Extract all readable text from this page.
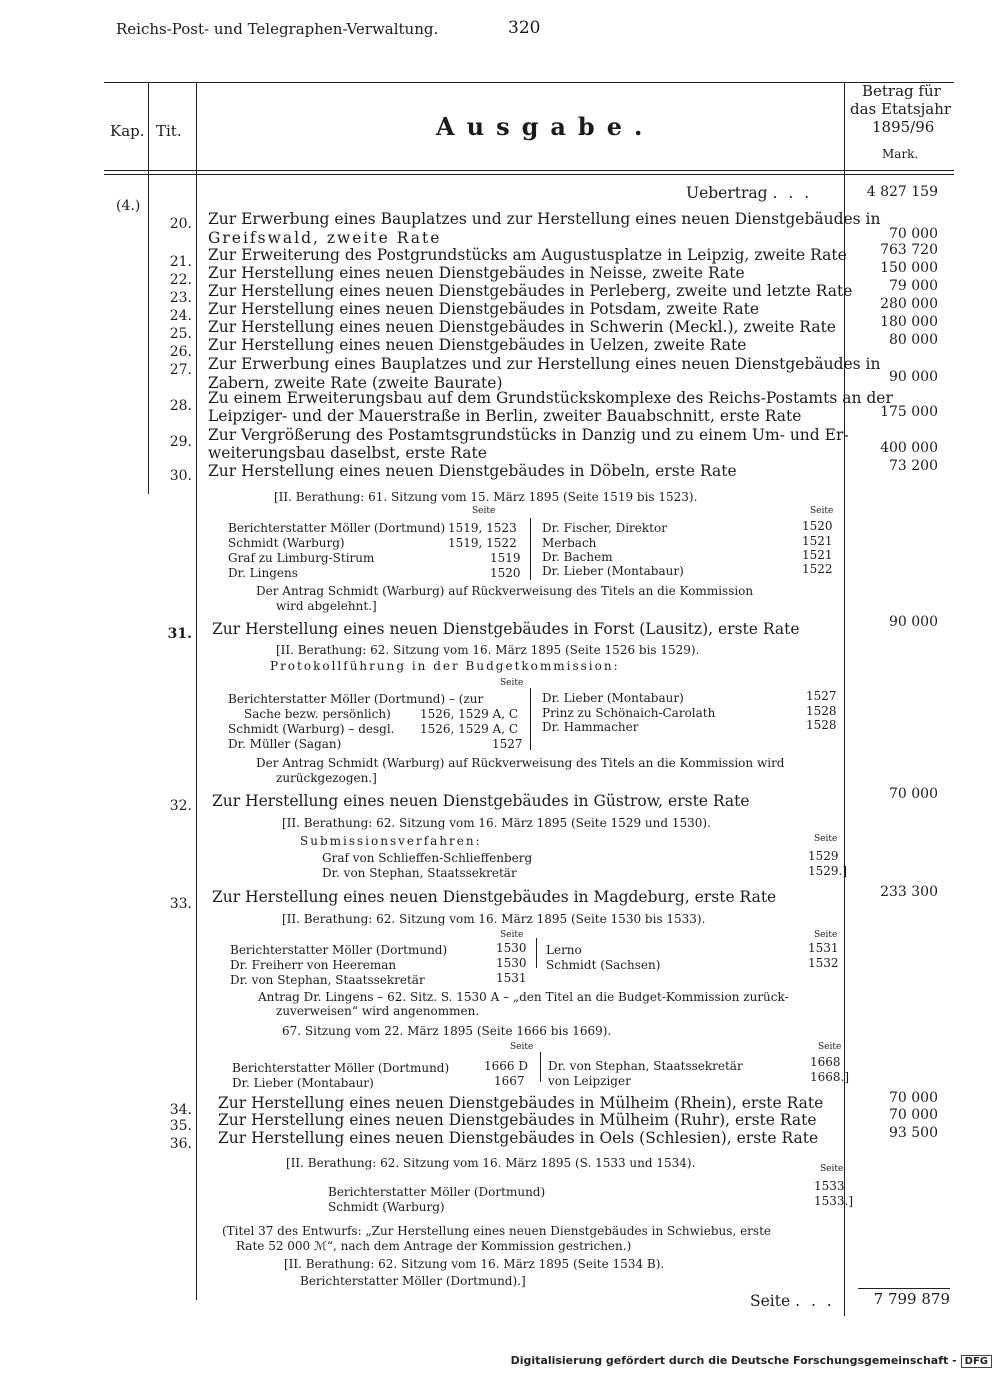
Reichs-Post- und Telegraphen-Verwaltung.	320
Kap. Tit.	Ausgabe.
Betrag für
das Etatsjahr
1895/96
Mark.
Uebertrag . . .	4 827 159
(4.)
20. Zur Erwerbung eines Bauplatzes und zur Herstellung eines neuen Dienstgebäudes in
Greifswald, zweite Rate	70 000
21. Zur Erweiterung des Postgrundstücks am Augustusplatze in Leipzig, zweite Rate	763 720
22. Zur Herstellung eines neuen Dienstgebäudes in Neisse, zweite Rate	150 000
23. Zur Herstellung eines neuen Dienstgebäudes in Perleberg, zweite und letzte Rate	79 000
24. Zur Herstellung eines neuen Dienstgebäudes in Potsdam, zweite Rate	280 000
25. Zur Herstellung eines neuen Dienstgebäudes in Schwerin (Meckl.), zweite Rate	180 000
26. Zur Herstellung eines neuen Dienstgebäudes in Uelzen, zweite Rate	80 000
27. Zur Erwerbung eines Bauplatzes und zur Herstellung eines neuen Dienstgebäudes in
Zabern, zweite Rate (zweite Baurate)	90 000
28. Zu einem Erweiterungsbau auf dem Grundstückskomplexe des Reichs-Postamts an der
Leipziger- und der Mauerstraße in Berlin, zweiter Bauabschnitt, erste Rate	175 000
29. Zur Vergrößerung des Postamtsgrundstücks in Danzig und zu einem Um- und Er-
weiterungsbau daselbst, erste Rate	400 000
30. Zur Herstellung eines neuen Dienstgebäudes in Döbeln, erste Rate	73 200
[II. Berathung: 61. Sitzung vom 15. März 1895 (Seite 1519 bis 1523).
Seite	Seite
Berichterstatter Möller (Dortmund) 1519, 1523
Schmidt (Warburg)	1519, 1522
Graf zu Limburg-Stirum	1519
Dr. Lingens	1520
Dr. Fischer, Direktor	1520
Merbach	1521
Dr. Bachem	1521
Dr. Lieber (Montabaur)	1522
Der Antrag Schmidt (Warburg) auf Rückverweisung des Titels an die Kommission
wird abgelehnt.]
31. Zur Herstellung eines neuen Dienstgebäudes in Forst (Lausitz), erste Rate	90 000
[II. Berathung: 62. Sitzung vom 16. März 1895 (Seite 1526 bis 1529).
Protokollführung in der Budgetkommission:
Seite
Berichterstatter Möller (Dortmund) – (zur
Sache bezw. persönlich) 1526, 1529 A, C
Schmidt (Warburg) – desgl. 1526, 1529 A, C
Dr. Müller (Sagan)	1527
Dr. Lieber (Montabaur)	1527
Prinz zu Schönaich-Carolath	1528
Dr. Hammacher	1528
Der Antrag Schmidt (Warburg) auf Rückverweisung des Titels an die Kommission wird
zurückgezogen.]
32. Zur Herstellung eines neuen Dienstgebäudes in Güstrow, erste Rate	70 000
[II. Berathung: 62. Sitzung vom 16. März 1895 (Seite 1529 und 1530).
Submissionsverfahren:	Seite
Graf von Schlieffen-Schlieffenberg	1529
Dr. von Stephan, Staatssekretär	1529.]
33. Zur Herstellung eines neuen Dienstgebäudes in Magdeburg, erste Rate	233 300
[II. Berathung: 62. Sitzung vom 16. März 1895 (Seite 1530 bis 1533).
Seite	Seite
Berichterstatter Möller (Dortmund)	1530
Dr. Freiherr von Heereman	1530
Dr. von Stephan, Staatssekretär	1531
Lerno	1531
Schmidt (Sachsen)	1532
Antrag Dr. Lingens – 62. Sitz. S. 1530 A – „den Titel an die Budget-Kommission zurück-
zuverweisen“ wird angenommen.
67. Sitzung vom 22. März 1895 (Seite 1666 bis 1669).
Seite	Seite
Berichterstatter Möller (Dortmund)	1666 D
Dr. Lieber (Montabaur)	1667
Dr. von Stephan, Staatssekretär	1668
von Leipziger	1668.]
34. Zur Herstellung eines neuen Dienstgebäudes in Mülheim (Rhein), erste Rate	70 000
35. Zur Herstellung eines neuen Dienstgebäudes in Mülheim (Ruhr), erste Rate	70 000
36. Zur Herstellung eines neuen Dienstgebäudes in Oels (Schlesien), erste Rate	93 500
[II. Berathung: 62. Sitzung vom 16. März 1895 (S. 1533 und 1534).	Seite
Berichterstatter Möller (Dortmund)	1533
Schmidt (Warburg)	1533.]
(Titel 37 des Entwurfs: „Zur Herstellung eines neuen Dienstgebäudes in Schwiebus, erste
Rate 52 000 ℳ“, nach dem Antrage der Kommission gestrichen.)
[II. Berathung: 62. Sitzung vom 16. März 1895 (Seite 1534 B).
Berichterstatter Möller (Dortmund).]
Seite . . .	7 799 879
Digitalisierung gefördert durch die Deutsche Forschungsgemeinschaft - DFG
